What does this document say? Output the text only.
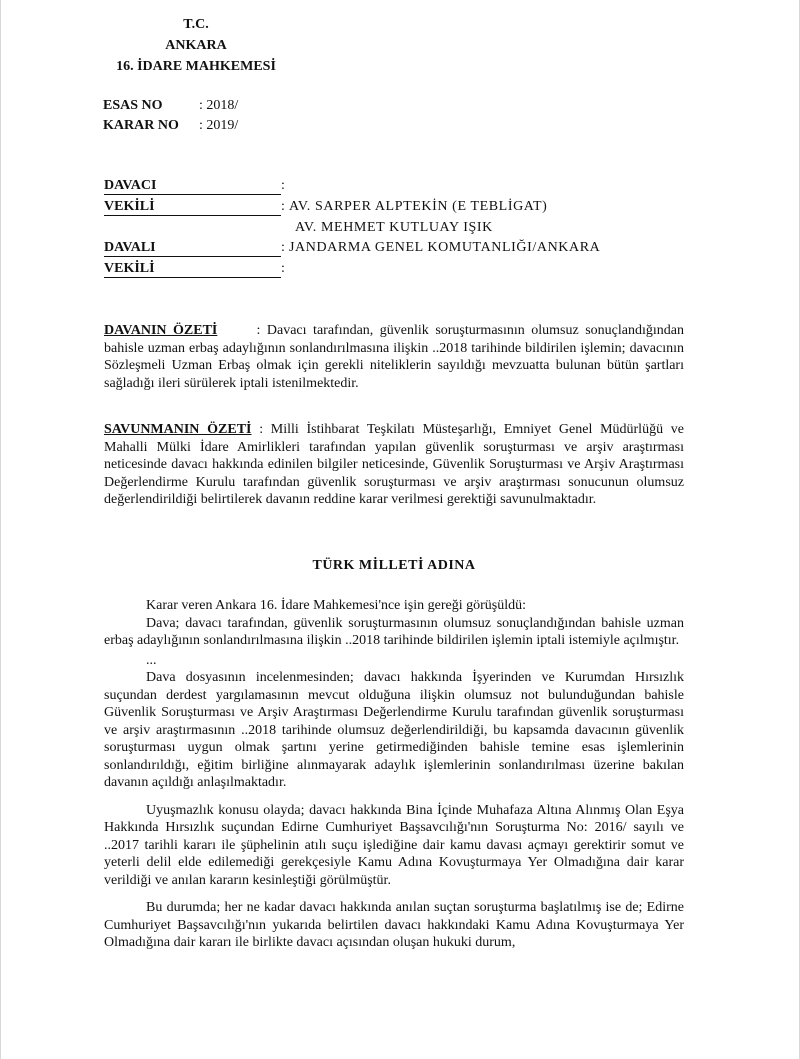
T.C.
ANKARA
16. İDARE MAHKEMESİ
ESAS NO	: 2018/
KARAR NO : 2019/
DAVACI	:
VEKİLİ	: AV. SARPER ALPTEKİN (E TEBLİGAT)
AV. MEHMET KUTLUAY IŞIK
DAVALI	: JANDARMA GENEL KOMUTANLIĞI/ANKARA
VEKİLİ	:
DAVANIN ÖZETİ	: Davacı tarafından, güvenlik soruşturmasının olumsuz sonuçlandığından bahisle uzman erbaş adaylığının sonlandırılmasına ilişkin ..2018 tarihinde bildirilen işlemin; davacının Sözleşmeli Uzman Erbaş olmak için gerekli niteliklerin sayıldığı mevzuatta bulunan bütün şartları sağladığı ileri sürülerek iptali istenilmektedir.
SAVUNMANIN ÖZETİ : Milli İstihbarat Teşkilatı Müsteşarlığı, Emniyet Genel Müdürlüğü ve Mahalli Mülki İdare Amirlikleri tarafından yapılan güvenlik soruşturması ve arşiv araştırması neticesinde davacı hakkında edinilen bilgiler neticesinde, Güvenlik Soruşturması ve Arşiv Araştırması Değerlendirme Kurulu tarafından güvenlik soruşturması ve arşiv araştırması sonucunun olumsuz değerlendirildiği belirtilerek davanın reddine karar verilmesi gerektiği savunulmaktadır.
TÜRK MİLLETİ ADINA
Karar veren Ankara 16. İdare Mahkemesi'nce işin gereği görüşüldü:
Dava; davacı tarafından, güvenlik soruşturmasının olumsuz sonuçlandığından bahisle uzman erbaş adaylığının sonlandırılmasına ilişkin ..2018 tarihinde bildirilen işlemin iptali istemiyle açılmıştır.
...
Dava dosyasının incelenmesinden; davacı hakkında İşyerinden ve Kurumdan Hırsızlık suçundan derdest yargılamasının mevcut olduğuna ilişkin olumsuz not bulunduğundan bahisle Güvenlik Soruşturması ve Arşiv Araştırması Değerlendirme Kurulu tarafından güvenlik soruşturması ve arşiv araştırmasının ..2018 tarihinde olumsuz değerlendirildiği, bu kapsamda davacının güvenlik soruşturması uygun olmak şartını yerine getirmediğinden bahisle temine esas işlemlerinin sonlandırıldığı, eğitim birliğine alınmayarak adaylık işlemlerinin sonlandırılması üzerine bakılan davanın açıldığı anlaşılmaktadır.
Uyuşmazlık konusu olayda; davacı hakkında Bina İçinde Muhafaza Altına Alınmış Olan Eşya Hakkında Hırsızlık suçundan Edirne Cumhuriyet Başsavcılığı'nın Soruşturma No: 2016/ sayılı ve ..2017 tarihli kararı ile şüphelinin atılı suçu işlediğine dair kamu davası açmayı gerektirir somut ve yeterli delil elde edilemediği gerekçesiyle Kamu Adına Kovuşturmaya Yer Olmadığına dair karar verildiği ve anılan kararın kesinleştiği görülmüştür.
Bu durumda; her ne kadar davacı hakkında anılan suçtan soruşturma başlatılmış ise de; Edirne Cumhuriyet Başsavcılığı'nın yukarıda belirtilen davacı hakkındaki Kamu Adına Kovuşturmaya Yer Olmadığına dair kararı ile birlikte davacı açısından oluşan hukuki durum,
